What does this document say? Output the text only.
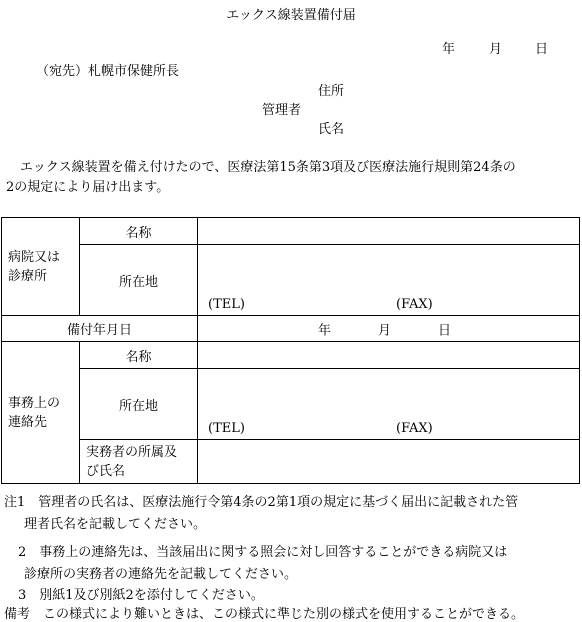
エックス線装置備付届
年	月	日
（宛先）札幌市保健所長
住所
管理者
氏名
エックス線装置を備え付けたので、医療法第15条第3項及び医療法施行規則第24条の
2の規定により届け出ます。
病院又は
診療所	名称	
	所在地	(TEL) (FAX)

備付年月日		年 月 日

事務上の
連絡先	名称	
	所在地	(TEL) (FAX)

	実務者の所属及
び氏名	
注1　管理者の氏名は、医療法施行令第4条の2第1項の規定に基づく届出に記載された管
理者氏名を記載してください。
2　事務上の連絡先は、当該届出に関する照会に対し回答することができる病院又は
診療所の実務者の連絡先を記載してください。
3　別紙1及び別紙2を添付してください。
備考　この様式により難いときは、この様式に準じた別の様式を使用することができる。
